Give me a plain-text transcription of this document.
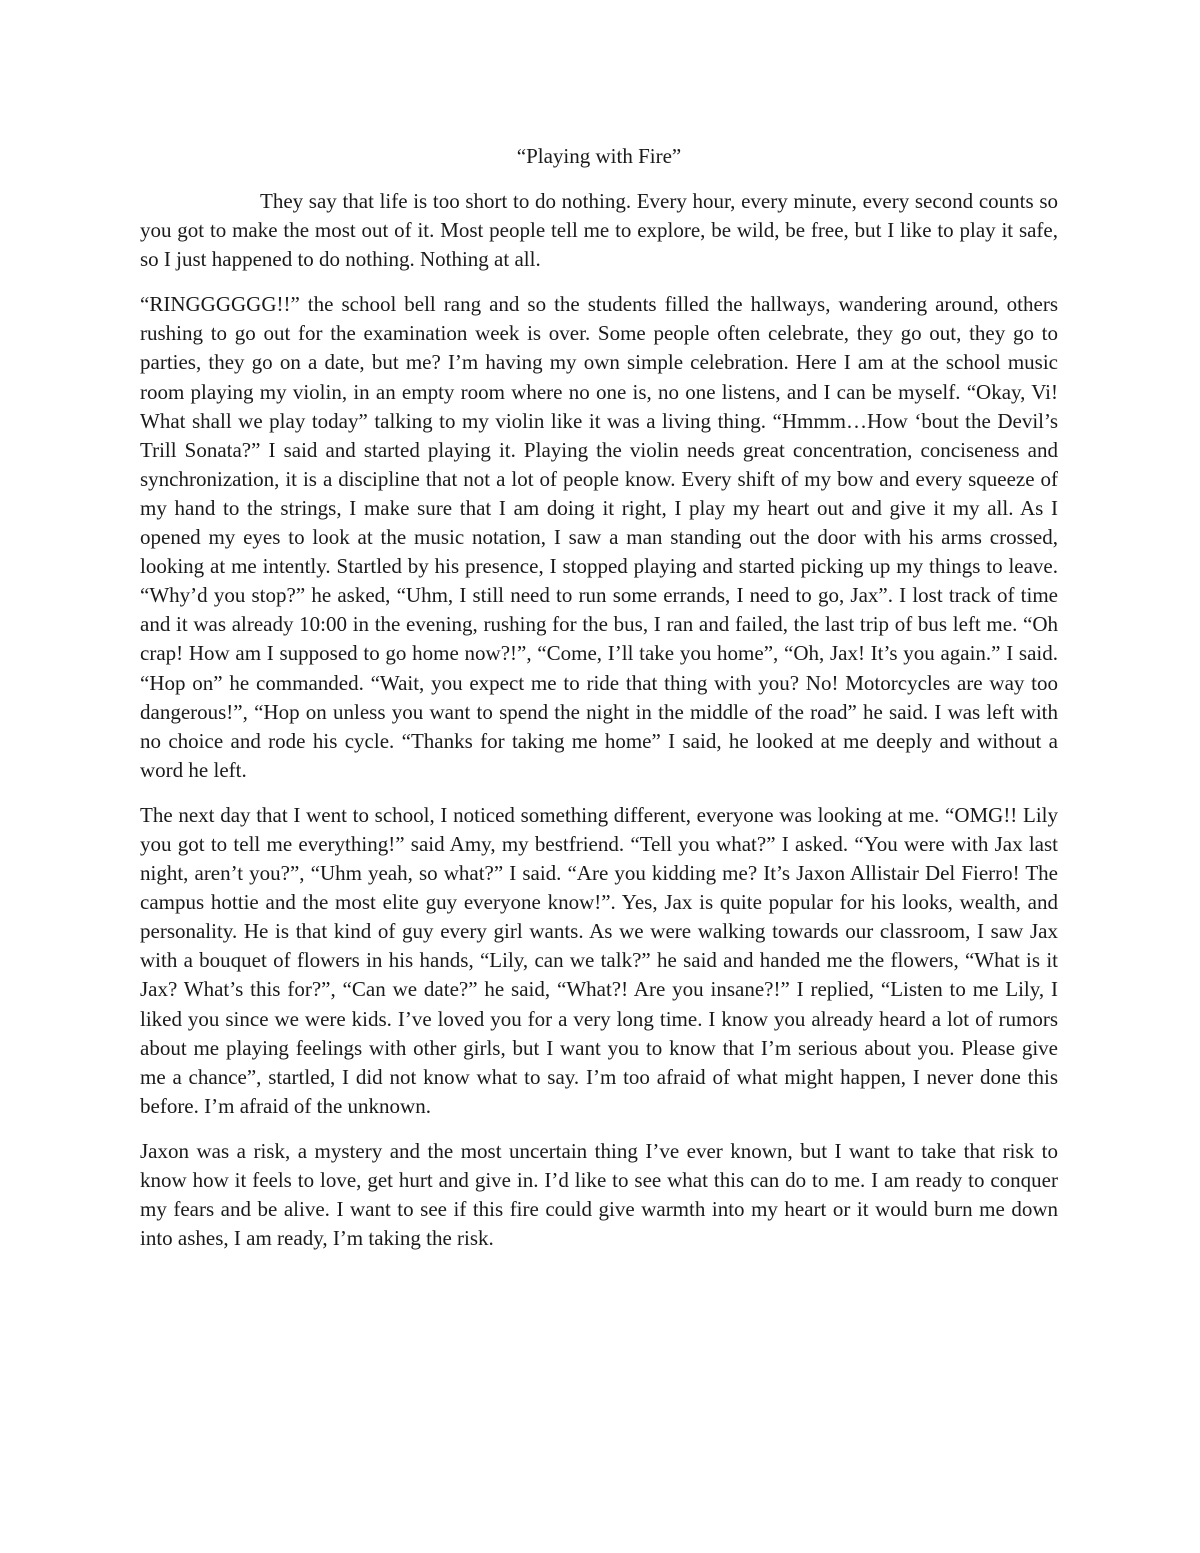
“Playing with Fire”

They say that life is too short to do nothing. Every hour, every minute, every second counts so you got to make the most out of it. Most people tell me to explore, be wild, be free, but I like to play it safe, so I just happened to do nothing. Nothing at all.

“RINGGGGGG!!” the school bell rang and so the students filled the hallways, wandering around, others rushing to go out for the examination week is over. Some people often celebrate, they go out, they go to parties, they go on a date, but me? I’m having my own simple celebration. Here I am at the school music room playing my violin, in an empty room where no one is, no one listens, and I can be myself. “Okay, Vi! What shall we play today” talking to my violin like it was a living thing. “Hmmm…How ‘bout the Devil’s Trill Sonata?” I said and started playing it. Playing the violin needs great concentration, conciseness and synchronization, it is a discipline that not a lot of people know. Every shift of my bow and every squeeze of my hand to the strings, I make sure that I am doing it right, I play my heart out and give it my all. As I opened my eyes to look at the music notation, I saw a man standing out the door with his arms crossed, looking at me intently. Startled by his presence, I stopped playing and started picking up my things to leave. “Why’d you stop?” he asked, “Uhm, I still need to run some errands, I need to go, Jax”. I lost track of time and it was already 10:00 in the evening, rushing for the bus, I ran and failed, the last trip of bus left me. “Oh crap! How am I supposed to go home now?!”, “Come, I’ll take you home”, “Oh, Jax! It’s you again.” I said. “Hop on” he commanded. “Wait, you expect me to ride that thing with you? No! Motorcycles are way too dangerous!”, “Hop on unless you want to spend the night in the middle of the road” he said. I was left with no choice and rode his cycle. “Thanks for taking me home” I said, he looked at me deeply and without a word he left.

The next day that I went to school, I noticed something different, everyone was looking at me. “OMG!! Lily you got to tell me everything!” said Amy, my bestfriend. “Tell you what?” I asked. “You were with Jax last night, aren’t you?”, “Uhm yeah, so what?” I said. “Are you kidding me? It’s Jaxon Allistair Del Fierro! The campus hottie and the most elite guy everyone know!”. Yes, Jax is quite popular for his looks, wealth, and personality. He is that kind of guy every girl wants. As we were walking towards our classroom, I saw Jax with a bouquet of flowers in his hands, “Lily, can we talk?” he said and handed me the flowers, “What is it Jax? What’s this for?”, “Can we date?” he said, “What?! Are you insane?!” I replied, “Listen to me Lily, I liked you since we were kids. I’ve loved you for a very long time. I know you already heard a lot of rumors about me playing feelings with other girls, but I want you to know that I’m serious about you. Please give me a chance”, startled, I did not know what to say. I’m too afraid of what might happen, I never done this before. I’m afraid of the unknown.

Jaxon was a risk, a mystery and the most uncertain thing I’ve ever known, but I want to take that risk to know how it feels to love, get hurt and give in. I’d like to see what this can do to me. I am ready to conquer my fears and be alive. I want to see if this fire could give warmth into my heart or it would burn me down into ashes, I am ready, I’m taking the risk.
